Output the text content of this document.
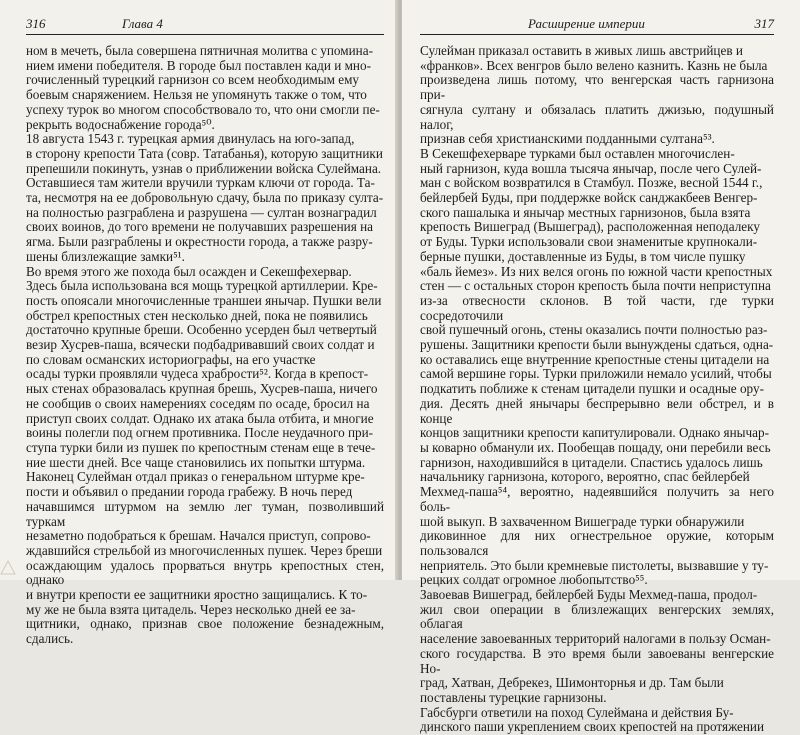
316	Глава 4

ном в мечеть, была совершена пятничная молитва с упомина-
нием имени победителя. В городе был поставлен кади и мно-
гочисленный турецкий гарнизон со всем необходимым ему
боевым снаряжением. Нельзя не упомянуть также о том, что
успеху турок во многом способствовало то, что они смогли пе-
рекрыть водоснабжение города⁵⁰.

18 августа 1543 г. турецкая армия двинулась на юго-запад,
в сторону крепости Тата (совр. Татабанья), которую защитники
препешили покинуть, узнав о приближении войска Сулеймана.
Оставшиеся там жители вручили туркам ключи от города. Та-
та, несмотря на ее добровольную сдачу, была по приказу султа-
на полностью разграблена и разрушена — султан вознаградил
своих воинов, до того времени не получавших разрешения на
ягма. Были разграблены и окрестности города, а также разру-
шены близлежащие замки⁵¹.

Во время этого же похода был осажден и Секешфехервар.
Здесь была использована вся мощь турецкой артиллерии. Кре-
пость опоясали многочисленные траншеи янычар. Пушки вели
обстрел крепостных стен несколько дней, пока не появились
достаточно крупные бреши. Особенно усерден был четвертый
везир Хусрев-паша, всячески подбадривавший своих солдат и
по словам османских историографы, на его участке
осады турки проявляли чудеса храбрости⁵². Когда в крепост-
ных стенах образовалась крупная брешь, Хусрев-паша, ничего
не сообщив о своих намерениях соседям по осаде, бросил на
приступ своих солдат. Однако их атака была отбита, и многие
воины полегли под огнем противника. После неудачного при-
ступа турки били из пушек по крепостным стенам еще в тече-
ние шести дней. Все чаще становились их попытки штурма.
Наконец Сулейман отдал приказ о генеральном штурме кре-
пости и объявил о предании города грабежу. В ночь перед
начавшимся штурмом на землю лег туман, позволивший туркам
незаметно подобраться к брешам. Начался приступ, сопрово-
ждавшийся стрельбой из многочисленных пушек. Через бреши
осаждающим удалось прорваться внутрь крепостных стен, однако
и внутри крепости ее защитники яростно защищались. К то-
му же не была взята цитадель. Через несколько дней ее за-
щитники, однако, признав свое положение безнадежным, сдались.

Расширение империи	317

Сулейман приказал оставить в живых лишь австрийцев и
«франков». Всех венгров было велено казнить. Казнь не была
произведена лишь потому, что венгерская часть гарнизона при-
сягнула султану и обязалась платить джизью, подушный налог,
признав себя христианскими подданными султана⁵³.

В Секешфехерваре турками был оставлен многочислен-
ный гарнизон, куда вошла тысяча янычар, после чего Сулей-
ман с войском возвратился в Стамбул. Позже, весной 1544 г.,
бейлербей Буды, при поддержке войск санджакбеев Венгер-
ского пашалыка и янычар местных гарнизонов, была взята
крепость Вишеград (Вышеград), расположенная неподалеку
от Буды. Турки использовали свои знаменитые крупнокали-
берные пушки, доставленные из Буды, в том числе пушку
«баль йемез». Из них велся огонь по южной части крепостных
стен — с остальных сторон крепость была почти неприступна
из-за отвесности склонов. В той части, где турки сосредоточили
свой пушечный огонь, стены оказались почти полностью раз-
рушены. Защитники крепости были вынуждены сдаться, одна-
ко оставались еще внутренние крепостные стены цитадели на
самой вершине горы. Турки приложили немало усилий, чтобы
подкатить поближе к стенам цитадели пушки и осадные ору-
дия. Десять дней янычары беспрерывно вели обстрел, и в конце
концов защитники крепости капитулировали. Однако янычар-
ы коварно обманули их. Пообещав пощаду, они перебили весь
гарнизон, находившийся в цитадели. Спастись удалось лишь
начальнику гарнизона, которого, вероятно, спас бейлербей
Мехмед-паша⁵⁴, вероятно, надеявшийся получить за него боль-
шой выкуп. В захваченном Вишеграде турки обнаружили
диковинное для них огнестрельное оружие, которым пользовался
неприятель. Это были кремневые пистолеты, вызвавшие у ту-
рецких солдат огромное любопытство⁵⁵.

Завоевав Вишеград, бейлербей Буды Мехмед-паша, продол-
жил свои операции в близлежащих венгерских землях, облагая
население завоеванных территорий налогами в пользу Осман-
ского государства. В это время были завоеваны венгерские Но-
град, Хатван, Дебрекез, Шимонторнья и др. Там были
поставлены турецкие гарнизоны.

Габсбурги ответили на поход Сулеймана и действия Бу-
динского паши укреплением своих крепостей на протяжении
